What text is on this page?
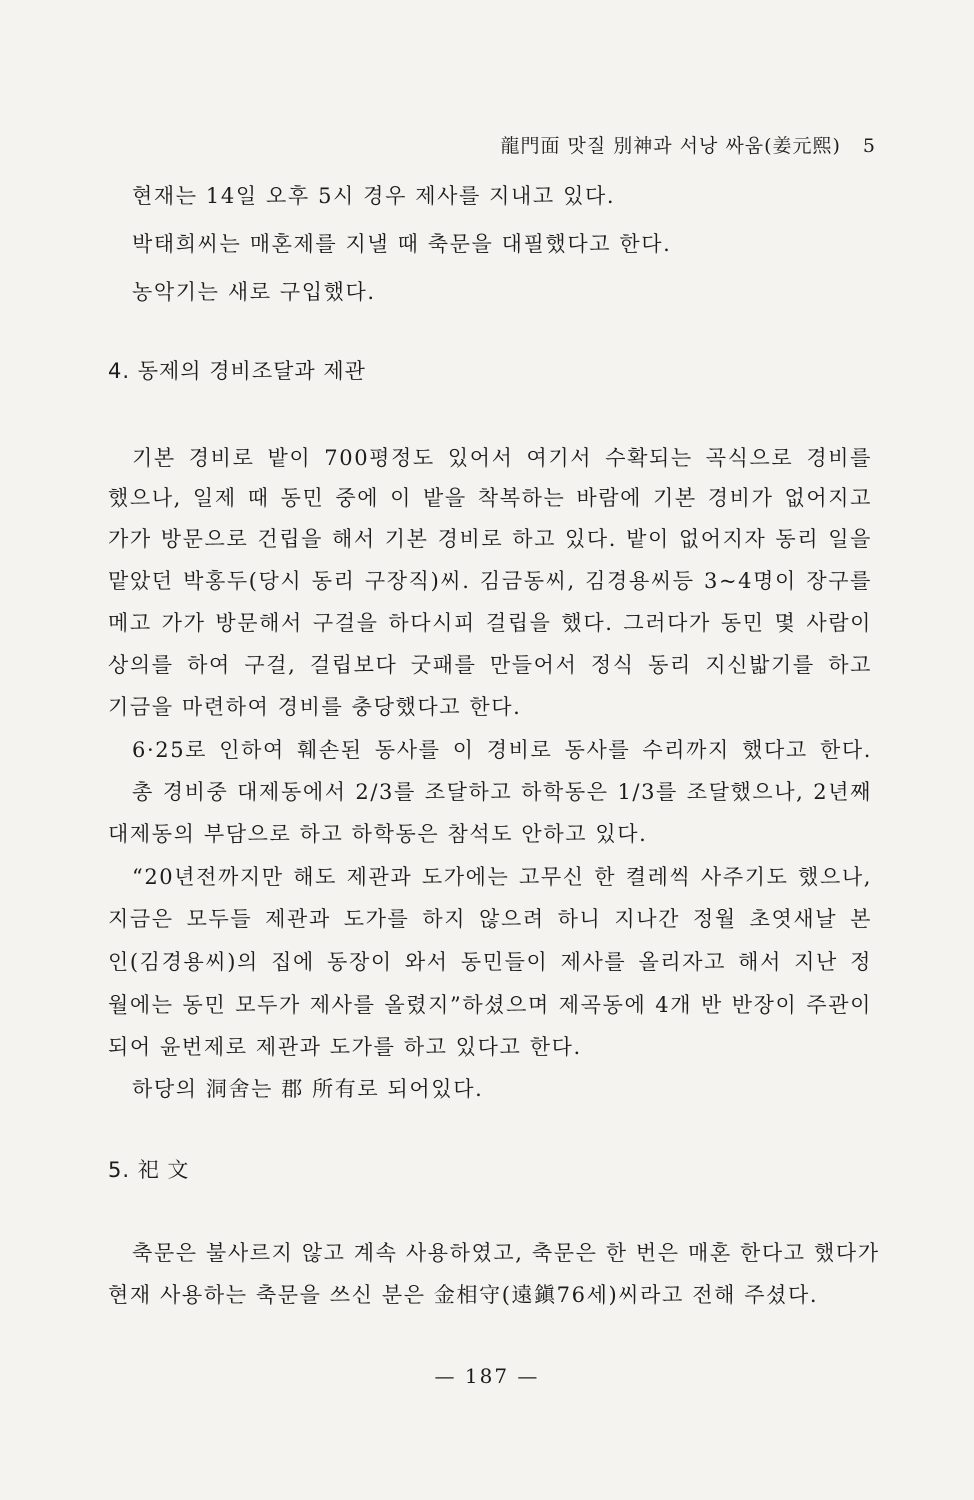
龍門面 맛질 別神과 서낭 싸움(姜元熙) 5
현재는 14일 오후 5시 경우 제사를 지내고 있다.
박태희씨는 매혼제를 지낼 때 축문을 대필했다고 한다.
농악기는 새로 구입했다.
4. 동제의 경비조달과 제관
기본 경비로 밭이 700평정도 있어서 여기서 수확되는 곡식으로 경비를
했으나, 일제 때 동민 중에 이 밭을 착복하는 바람에 기본 경비가 없어지고
가가 방문으로 건립을 해서 기본 경비로 하고 있다. 밭이 없어지자 동리 일을
맡았던 박홍두(당시 동리 구장직)씨. 김금동씨, 김경용씨등 3~4명이 장구를
메고 가가 방문해서 구걸을 하다시피 걸립을 했다. 그러다가 동민 몇 사람이
상의를 하여 구걸, 걸립보다 굿패를 만들어서 정식 동리 지신밟기를 하고
기금을 마련하여 경비를 충당했다고 한다.
6·25로 인하여 훼손된 동사를 이 경비로 동사를 수리까지 했다고 한다.
총 경비중 대제동에서 2/3를 조달하고 하학동은 1/3를 조달했으나, 2년째
대제동의 부담으로 하고 하학동은 참석도 안하고 있다.
“20년전까지만 해도 제관과 도가에는 고무신 한 켤레씩 사주기도 했으나,
지금은 모두들 제관과 도가를 하지 않으려 하니 지나간 정월 초엿새날 본
인(김경용씨)의 집에 동장이 와서 동민들이 제사를 올리자고 해서 지난 정
월에는 동민 모두가 제사를 올렸지”하셨으며 제곡동에 4개 반 반장이 주관이
되어 윤번제로 제관과 도가를 하고 있다고 한다.
하당의 洞舍는 郡 所有로 되어있다.
5. 祀 文
축문은 불사르지 않고 계속 사용하였고, 축문은 한 번은 매혼 한다고 했다가
현재 사용하는 축문을 쓰신 분은 金相守(遠鎭76세)씨라고 전해 주셨다.
— 187 —
